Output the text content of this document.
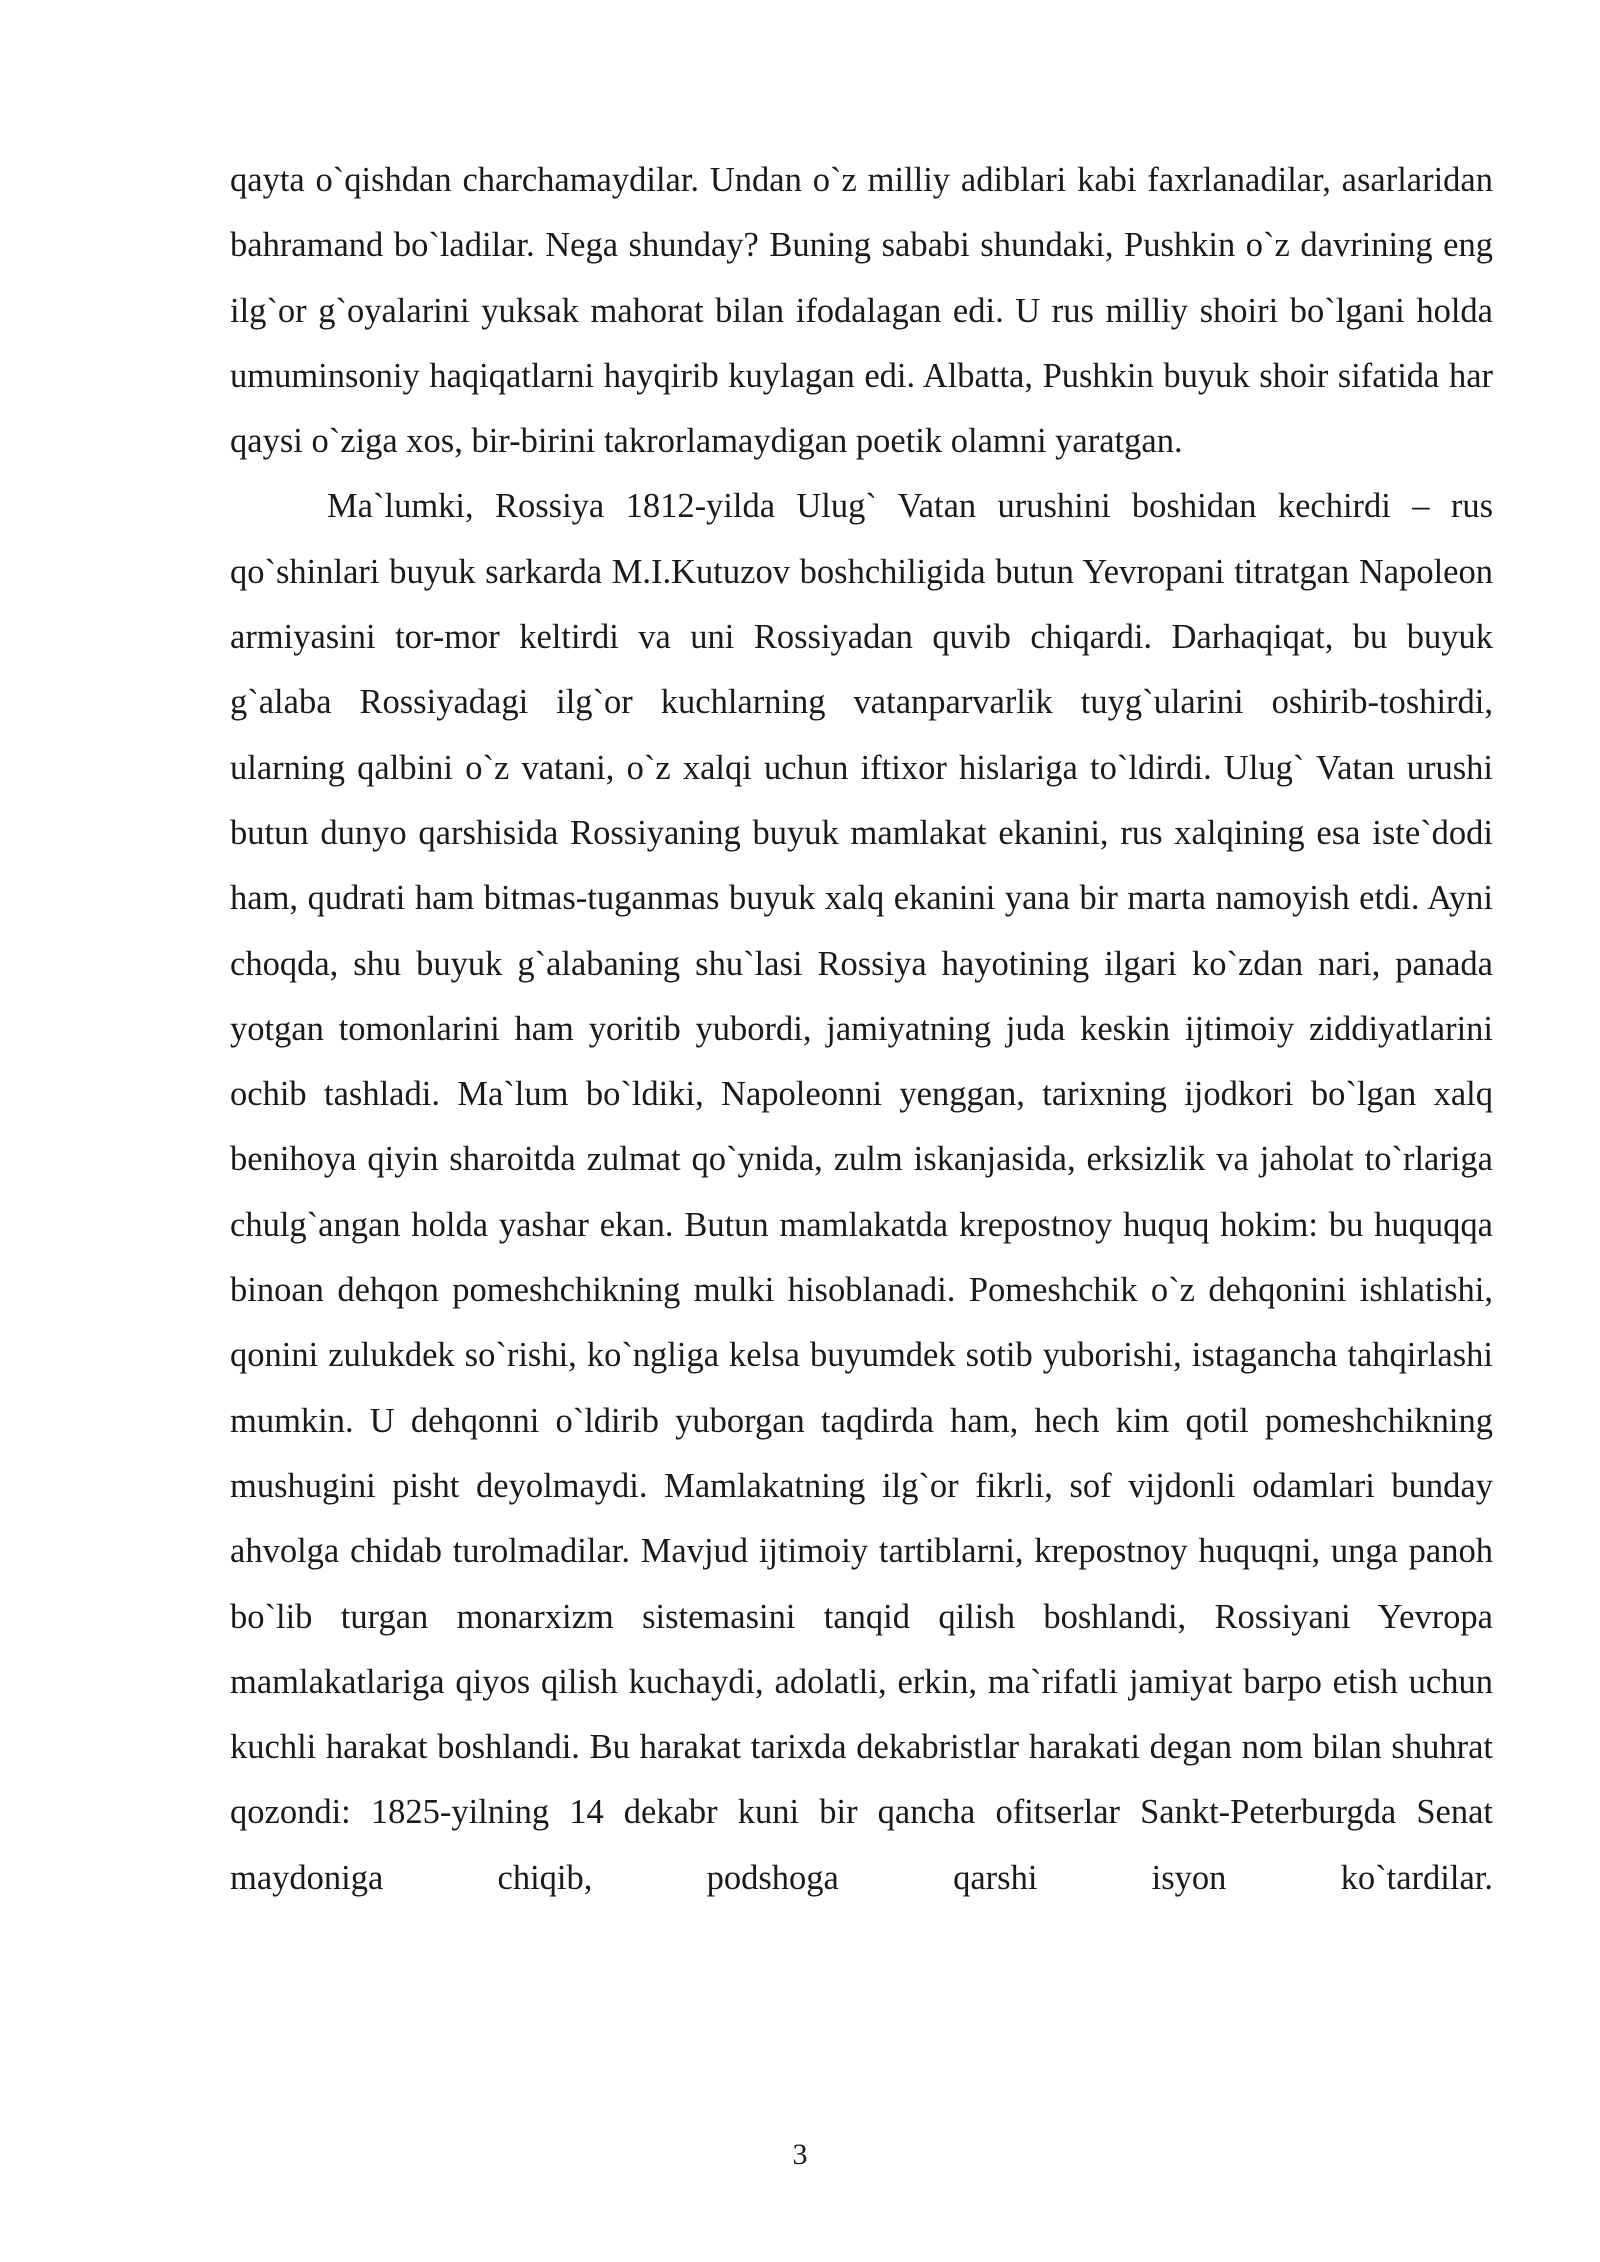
qayta o`qishdan charchamaydilar. Undan o`z milliy adiblari kabi faxrlanadilar, asarlaridan bahramand bo`ladilar. Nega shunday? Buning sababi shundaki, Pushkin o`z davrining eng ilg`or g`oyalarini yuksak mahorat bilan ifodalagan edi. U rus milliy shoiri bo`lgani holda umuminsoniy haqiqatlarni hayqirib kuylagan edi. Albatta, Pushkin buyuk shoir sifatida har qaysi o`ziga xos, bir-birini takrorlamaydigan poetik olamni yaratgan.

Ma`lumki, Rossiya 1812-yilda Ulug` Vatan urushini boshidan kechirdi – rus qo`shinlari buyuk sarkarda M.I.Kutuzov boshchiligida butun Yevropani titratgan Napoleon armiyasini tor-mor keltirdi va uni Rossiyadan quvib chiqardi. Darhaqiqat, bu buyuk g`alaba Rossiyadagi ilg`or kuchlarning vatanparvarlik tuyg`ularini oshirib-toshirdi, ularning qalbini o`z vatani, o`z xalqi uchun iftixor hislariga to`ldirdi. Ulug` Vatan urushi butun dunyo qarshisida Rossiyaning buyuk mamlakat ekanini, rus xalqining esa iste`dodi ham, qudrati ham bitmas-tuganmas buyuk xalq ekanini yana bir marta namoyish etdi. Ayni choqda, shu buyuk g`alabaning shu`lasi Rossiya hayotining ilgari ko`zdan nari, panada yotgan tomonlarini ham yoritib yubordi, jamiyatning juda keskin ijtimoiy ziddiyatlarini ochib tashladi. Ma`lum bo`ldiki, Napoleonni yenggan, tarixning ijodkori bo`lgan xalq benihoya qiyin sharoitda zulmat qo`ynida, zulm iskanjasida, erksizlik va jaholat to`rlariga chulg`angan holda yashar ekan. Butun mamlakatda krepostnoy huquq hokim: bu huquqqa binoan dehqon pomeshchikning mulki hisoblanadi. Pomeshchik o`z dehqonini ishlatishi, qonini zulukdek so`rishi, ko`ngliga kelsa buyumdek sotib yuborishi, istagancha tahqirlashi mumkin. U dehqonni o`ldirib yuborgan taqdirda ham, hech kim qotil pomeshchikning mushugini pisht deyolmaydi. Mamlakatning ilg`or fikrli, sof vijdonli odamlari bunday ahvolga chidab turolmadilar. Mavjud ijtimoiy tartiblarni, krepostnoy huquqni, unga panoh bo`lib turgan monarxizm sistemasini tanqid qilish boshlandi, Rossiyani Yevropa mamlakatlariga qiyos qilish kuchaydi, adolatli, erkin, ma`rifatli jamiyat barpo etish uchun kuchli harakat boshlandi. Bu harakat tarixda dekabristlar harakati degan nom bilan shuhrat qozondi: 1825-yilning 14 dekabr kuni bir qancha ofitserlar Sankt-Peterburgda Senat maydoniga chiqib, podshoga qarshi isyon ko`tardilar.

3
